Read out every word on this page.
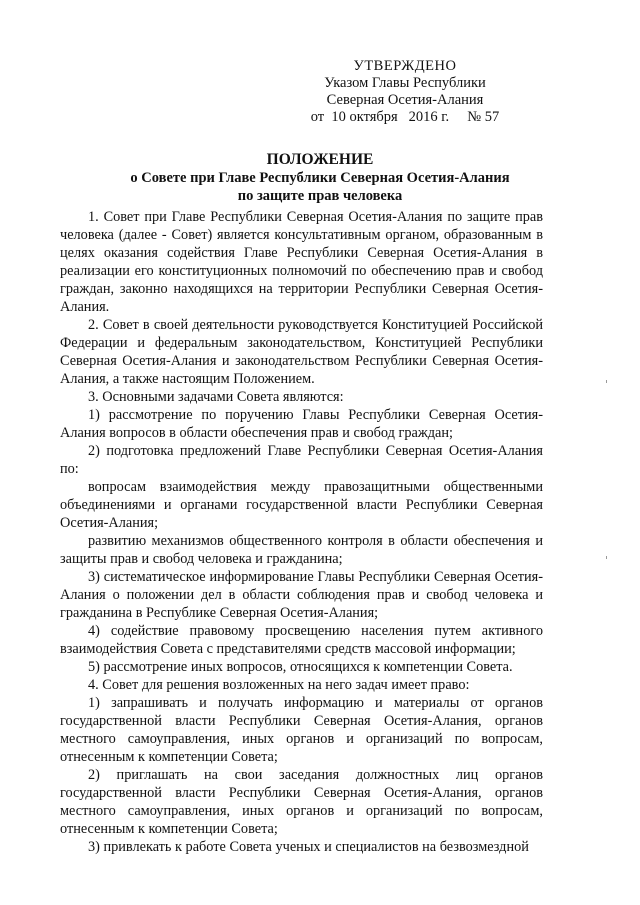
УТВЕРЖДЕНО
Указом Главы Республики
Северная Осетия-Алания
от  10 октября   2016 г.     № 57
ПОЛОЖЕНИЕ
о Совете при Главе Республики Северная Осетия-Алания
по защите прав человека

1. Совет при Главе Республики Северная Осетия-Алания по защите прав человека (далее - Совет) является консультативным органом, образованным в целях оказания содействия Главе Республики Северная Осетия-Алания в реализации его конституционных полномочий по обеспечению прав и свобод граждан, законно находящихся на территории Республики Северная Осетия-Алания.

2. Совет в своей деятельности руководствуется Конституцией Российской Федерации и федеральным законодательством, Конституцией Республики Северная Осетия-Алания и законодательством Республики Северная Осетия-Алания, а также настоящим Положением.

3. Основными задачами Совета являются:

1) рассмотрение по поручению Главы Республики Северная Осетия-Алания вопросов в области обеспечения прав и свобод граждан;

2) подготовка предложений Главе Республики Северная Осетия-Алания по:

вопросам взаимодействия между правозащитными общественными объединениями и органами государственной власти Республики Северная Осетия-Алания;

развитию механизмов общественного контроля в области обеспечения и защиты прав и свобод человека и гражданина;

3) систематическое информирование Главы Республики Северная Осетия-Алания о положении дел в области соблюдения прав и свобод человека и гражданина в Республике Северная Осетия-Алания;

4) содействие правовому просвещению населения путем активного взаимодействия Совета с представителями средств массовой информации;

5) рассмотрение иных вопросов, относящихся к компетенции Совета.

4. Совет для решения возложенных на него задач имеет право:

1) запрашивать и получать информацию и материалы от органов государственной власти Республики Северная Осетия-Алания, органов местного самоуправления, иных органов и организаций по вопросам, отнесенным к компетенции Совета;

2) приглашать на свои заседания должностных лиц органов государственной власти Республики Северная Осетия-Алания, органов местного самоуправления, иных органов и организаций по вопросам, отнесенным к компетенции Совета;

3) привлекать к работе Совета ученых и специалистов на безвозмездной
